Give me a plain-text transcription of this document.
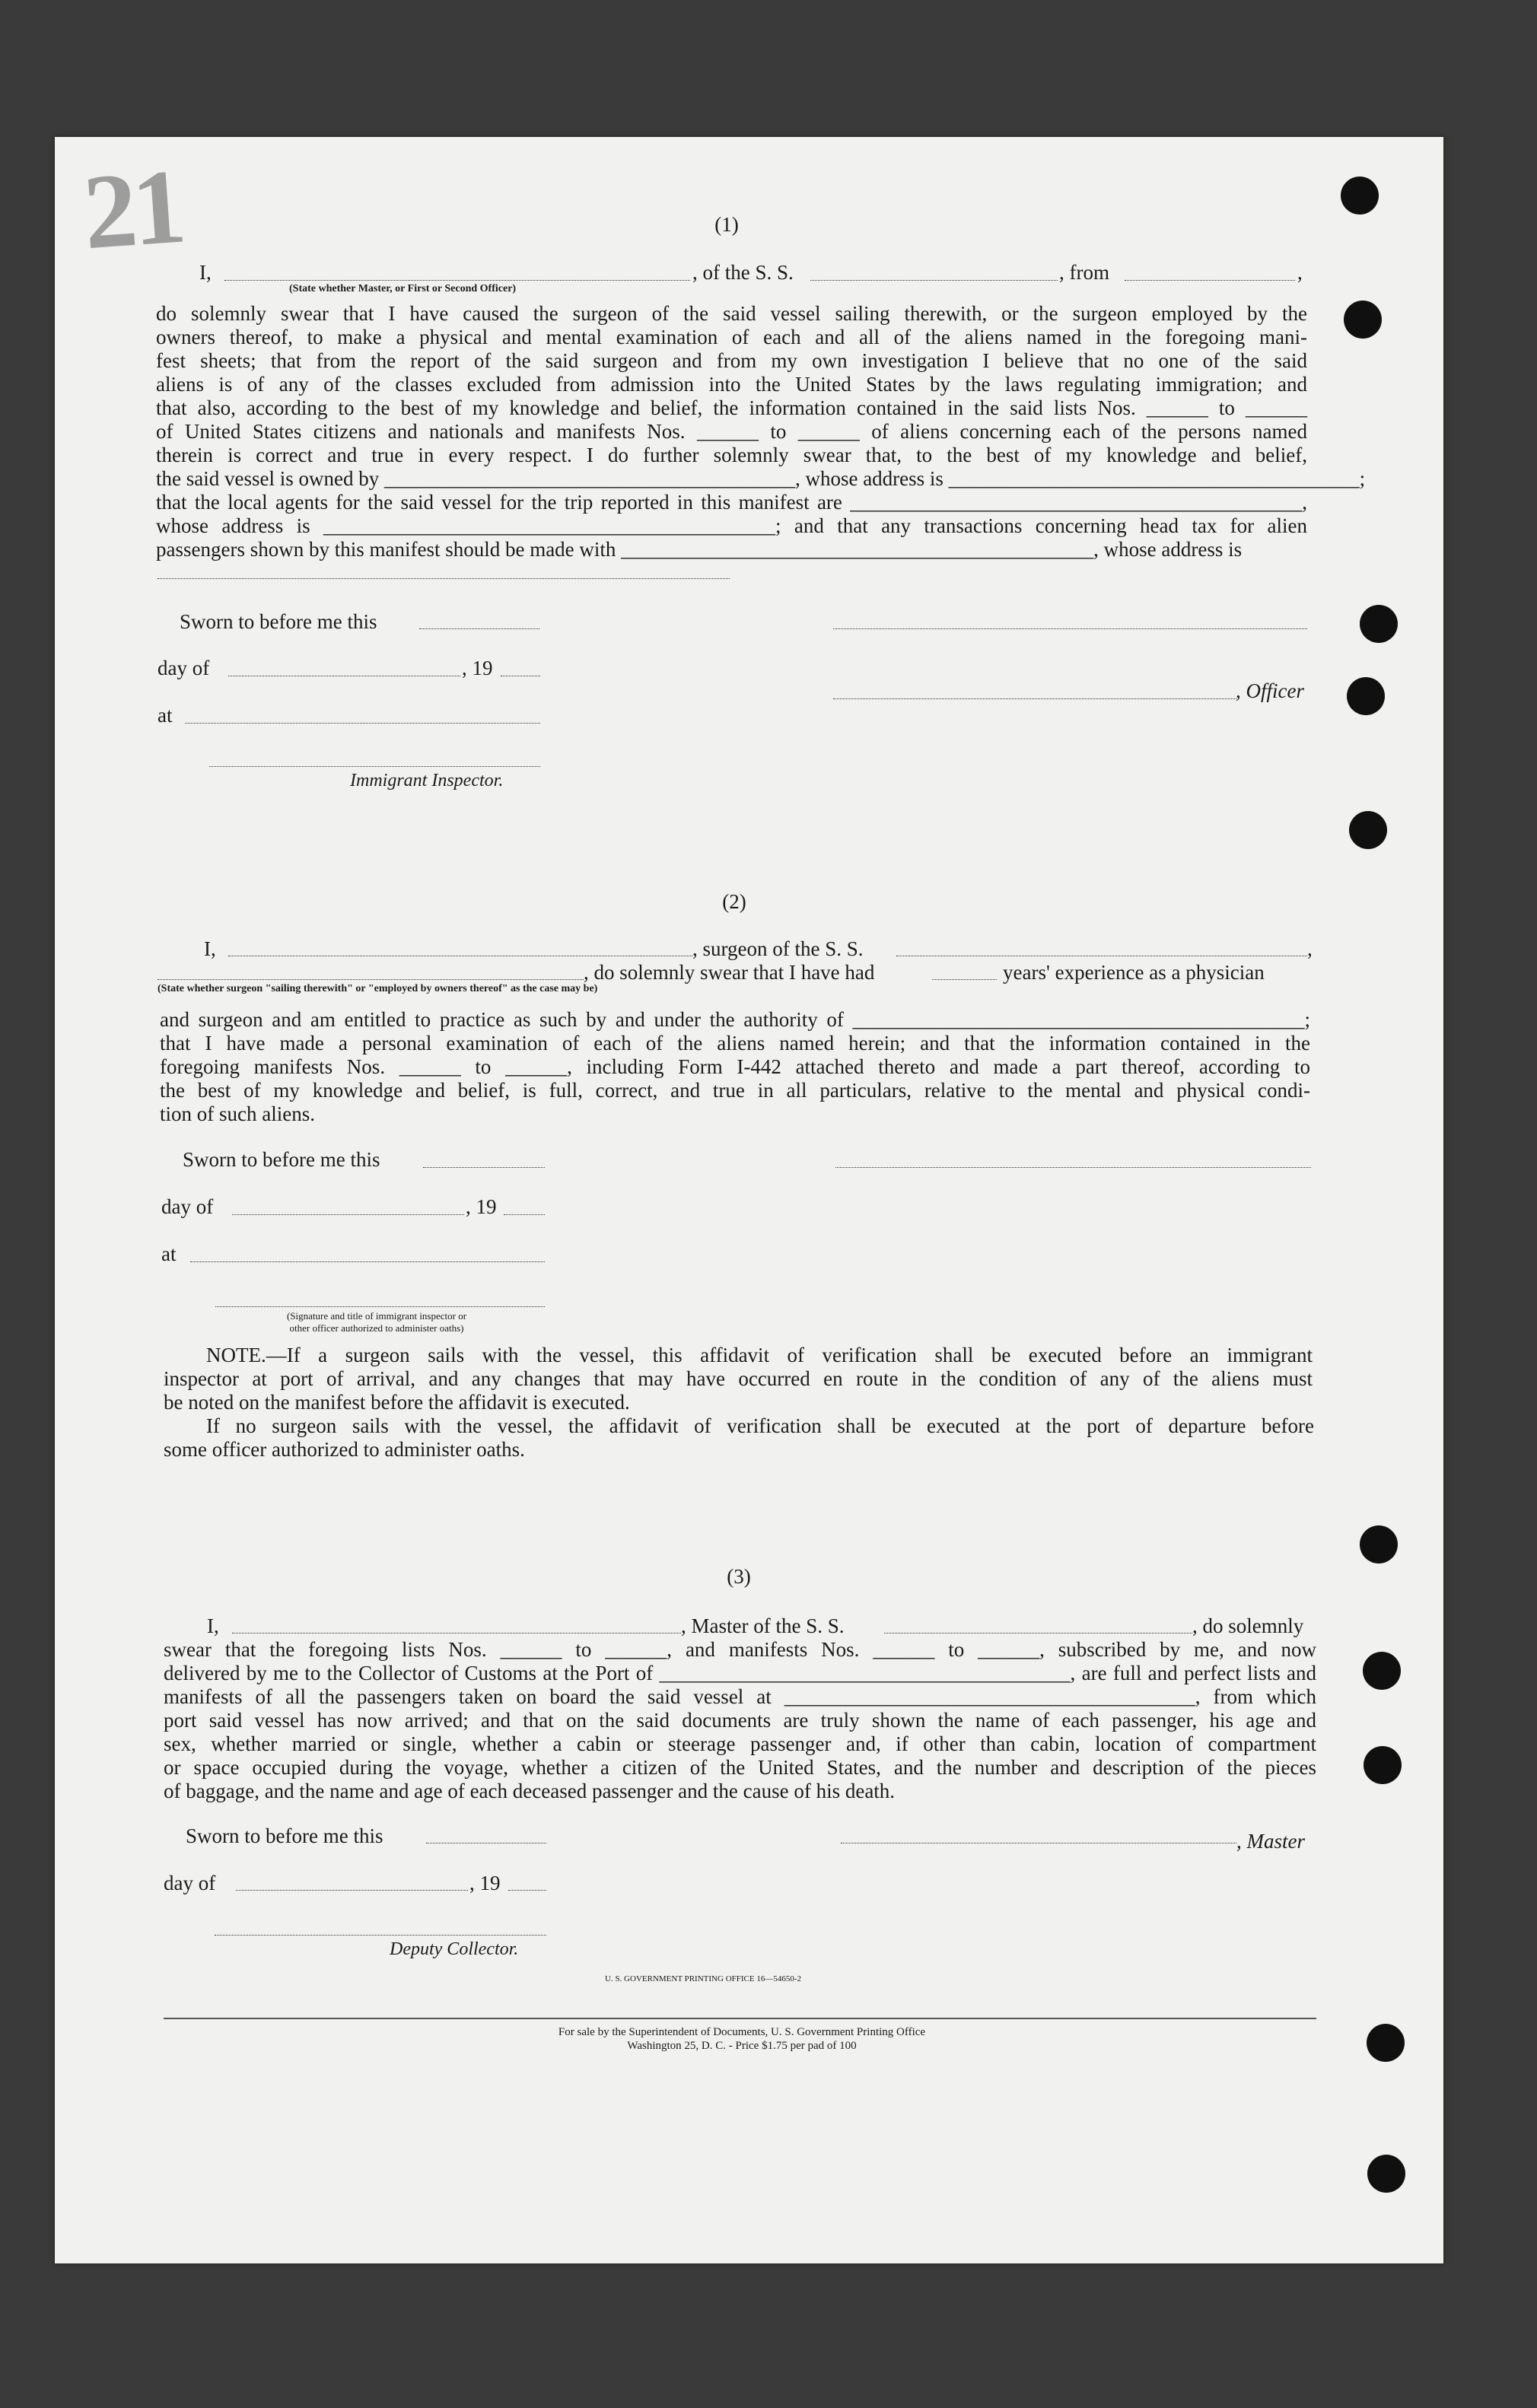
21	(1)
I,	, of the S. S.	, from	,
(State whether Master, or First or Second Officer)
do solemnly swear that I have caused the surgeon of the said vessel sailing therewith, or the surgeon employed by the
owners thereof, to make a physical and mental examination of each and all of the aliens named in the foregoing mani-
fest sheets; that from the report of the said surgeon and from my own investigation I believe that no one of the said
aliens is of any of the classes excluded from admission into the United States by the laws regulating immigration; and
that also, according to the best of my knowledge and belief, the information contained in the said lists Nos. ______ to ______
of United States citizens and nationals and manifests Nos. ______ to ______ of aliens concerning each of the persons named
therein is correct and true in every respect. I do further solemnly swear that, to the best of my knowledge and belief,
the said vessel is owned by ________________________________________, whose address is ________________________________________;
that the local agents for the said vessel for the trip reported in this manifest are ____________________________________________,
whose address is ____________________________________________; and that any transactions concerning head tax for alien
passengers shown by this manifest should be made with ______________________________________________, whose address is
Sworn to before me this
day of	, 19
, Officer
at
Immigrant Inspector.
(2)
I,	, surgeon of the S. S.	,
, do solemnly swear that I have had	years' experience as a physician
(State whether surgeon "sailing therewith" or "employed by owners thereof" as the case may be)
and surgeon and am entitled to practice as such by and under the authority of ____________________________________________;
that I have made a personal examination of each of the aliens named herein; and that the information contained in the
foregoing manifests Nos. ______ to ______, including Form I-442 attached thereto and made a part thereof, according to
the best of my knowledge and belief, is full, correct, and true in all particulars, relative to the mental and physical condi-
tion of such aliens.
Sworn to before me this
day of	, 19
at
(Signature and title of immigrant inspector or
other officer authorized to administer oaths)
NOTE.—If a surgeon sails with the vessel, this affidavit of verification shall be executed before an immigrant
inspector at port of arrival, and any changes that may have occurred en route in the condition of any of the aliens must
be noted on the manifest before the affidavit is executed.
If no surgeon sails with the vessel, the affidavit of verification shall be executed at the port of departure before
some officer authorized to administer oaths.
(3)
I,	, Master of the S. S.	, do solemnly
swear that the foregoing lists Nos. ______ to ______, and manifests Nos. ______ to ______, subscribed by me, and now
delivered by me to the Collector of Customs at the Port of ________________________________________, are full and perfect lists and
manifests of all the passengers taken on board the said vessel at ________________________________________, from which
port said vessel has now arrived; and that on the said documents are truly shown the name of each passenger, his age and
sex, whether married or single, whether a cabin or steerage passenger and, if other than cabin, location of compartment
or space occupied during the voyage, whether a citizen of the United States, and the number and description of the pieces
of baggage, and the name and age of each deceased passenger and the cause of his death.
Sworn to before me this	, Master
day of	, 19
Deputy Collector.
U. S. GOVERNMENT PRINTING OFFICE 16—54650-2
For sale by the Superintendent of Documents, U. S. Government Printing Office
Washington 25, D. C. - Price $1.75 per pad of 100
